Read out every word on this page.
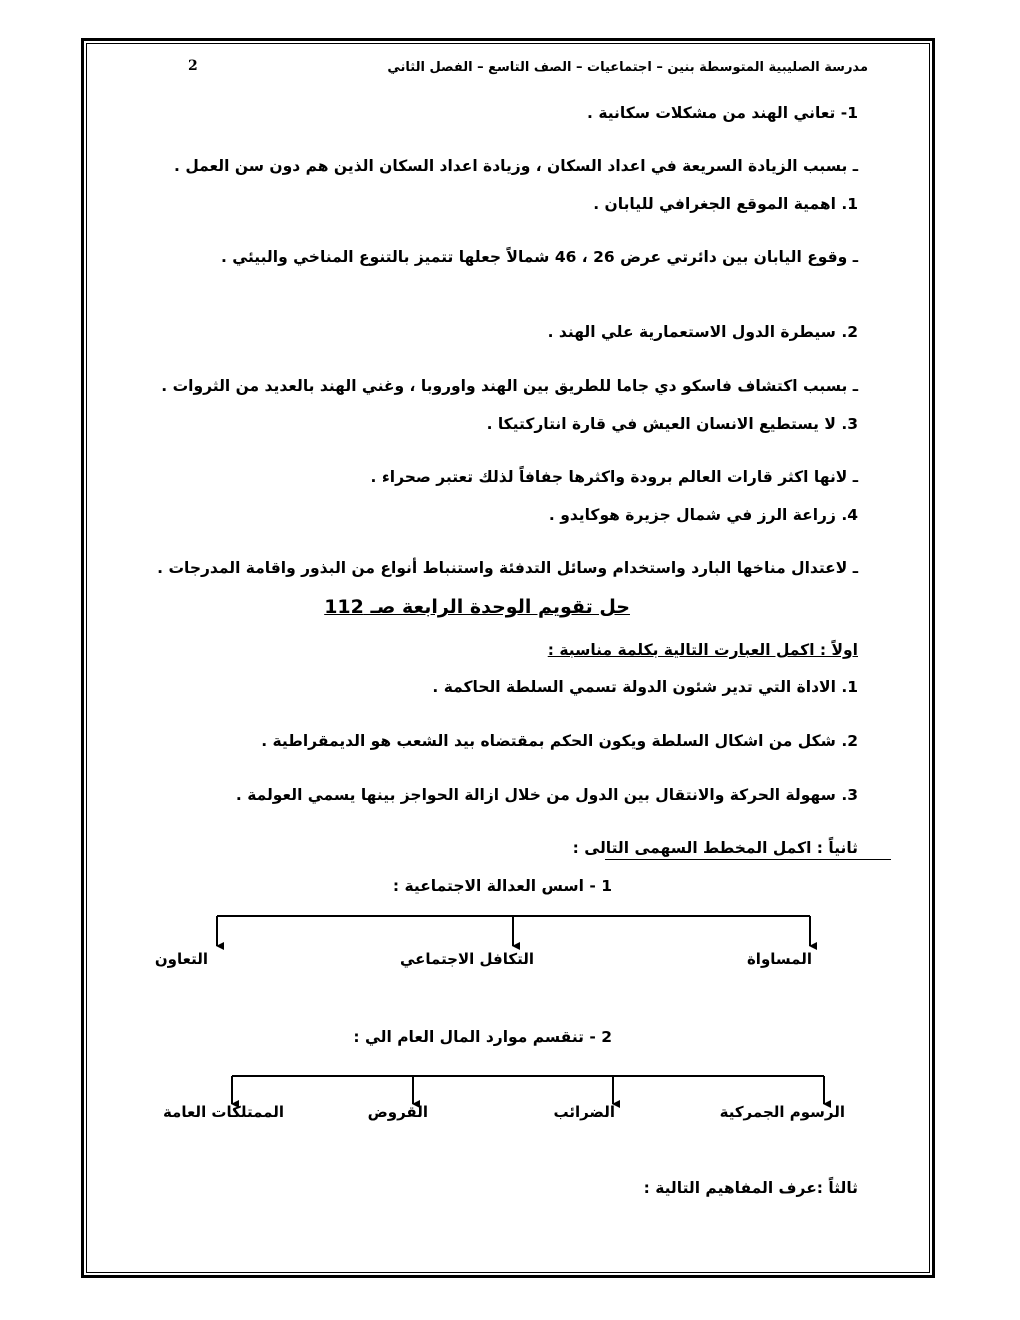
مدرسة الصليبية المتوسطة بنين – اجتماعيات – الصف التاسع – الفصل الثاني
2
1- تعاني الهند من مشكلات سكانية .
ـ بسبب الزيادة السريعة في اعداد السكان ، وزيادة اعداد السكان الذين هم دون سن العمل .
1. اهمية الموقع الجغرافي لليابان .
ـ وقوع اليابان بين دائرتي عرض 26 ، 46 شمالاً جعلها تتميز بالتنوع المناخي والبيئي .
2. سيطرة الدول الاستعمارية علي الهند .
ـ بسبب اكتشاف فاسكو دي جاما للطريق بين الهند واوروبا ، وغني الهند بالعديد من الثروات .
3. لا يستطيع الانسان العيش في قارة انتاركتيكا .
ـ لانها اكثر قارات العالم برودة واكثرها جفافاً لذلك تعتبر صحراء .
4. زراعة الرز في شمال جزيرة هوكايدو .
ـ لاعتدال مناخها البارد واستخدام وسائل التدفئة واستنباط أنواع من البذور واقامة المدرجات .
حل تقويم الوحدة الرابعة صـ 112
اولاً : اكمل العبارت التالية بكلمة مناسبة :
1. الاداة التي تدير شئون الدولة تسمي السلطة الحاكمة .
2. شكل من اشكال السلطة ويكون الحكم بمقتضاه بيد الشعب هو الديمقراطية .
3. سهولة الحركة والانتقال بين الدول من خلال ازالة الحواجز بينها يسمي العولمة .
ثانياً : اكمل المخطط السهمى التالى :
1 - اسس العدالة الاجتماعية :
المساواة
التكافل الاجتماعي
التعاون
2 - تنقسم موارد المال العام الي :
الرسوم الجمركية
الضرائب
القروض
الممتلكات العامة
ثالثاً :عرف المفاهيم التالية :
